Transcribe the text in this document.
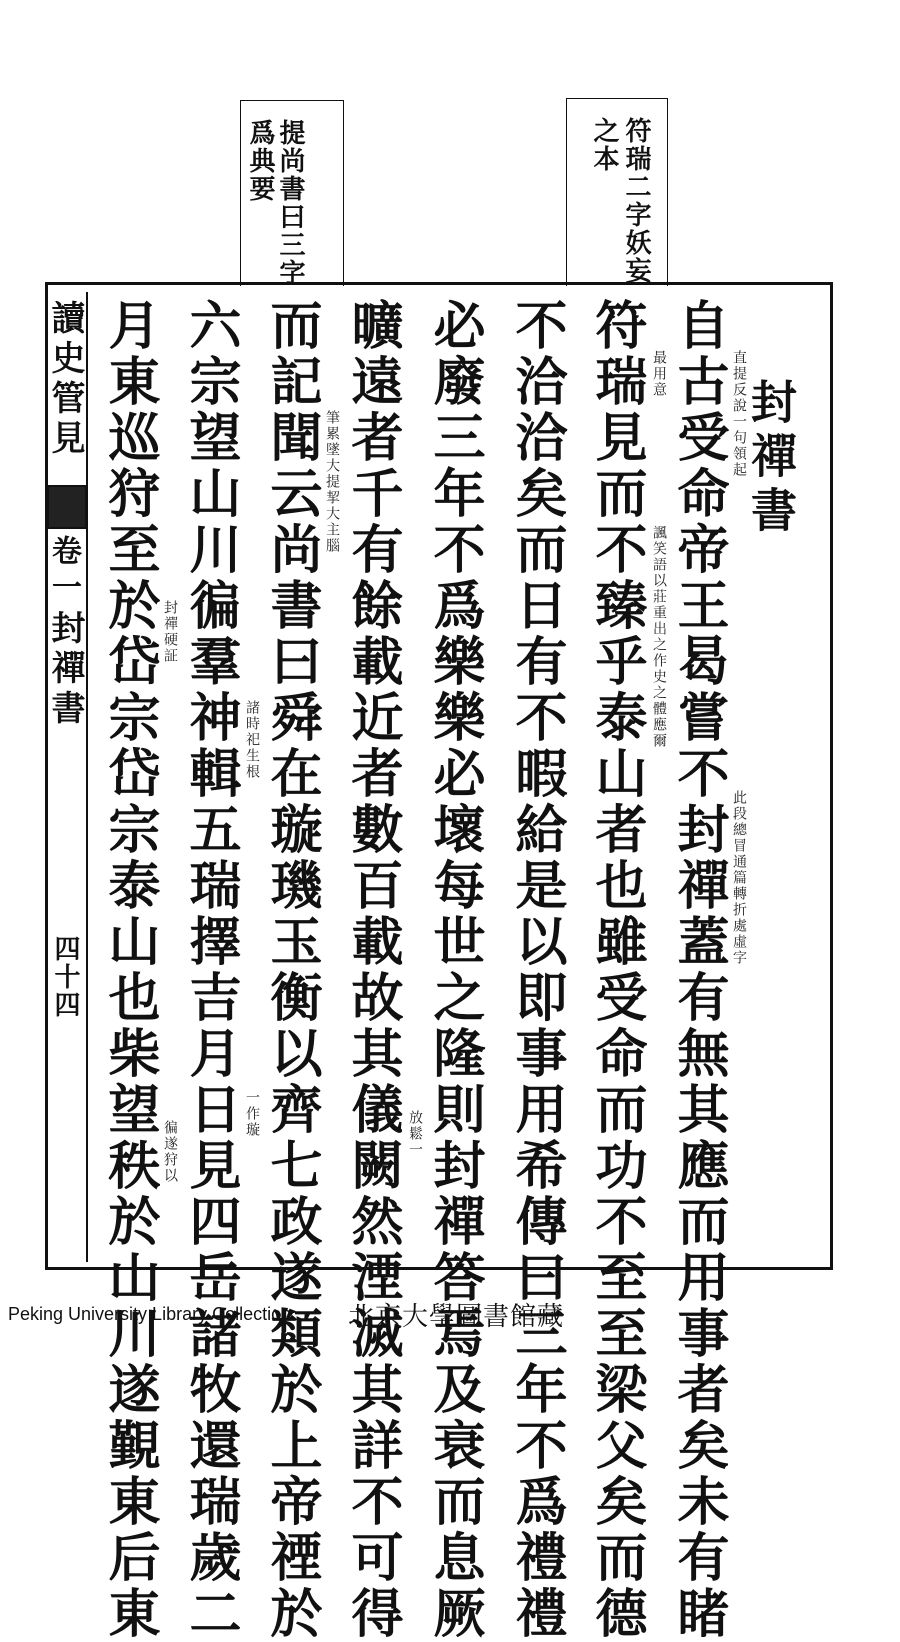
提尚書曰三字
爲典要	符瑞二字妖妄
之本
讀史管見
卷一
封禪書
四十四
封禪書
自古受命帝王曷嘗不封禪蓋有無其應而用事者矣未有睹
符瑞見而不臻乎泰山者也雖受命而功不至至梁父矣而德
不洽洽矣而日有不暇給是以即事用希傳曰三年不爲禮禮
必廢三年不爲樂樂必壞每世之隆則封禪答焉及衰而息厥
曠遠者千有餘載近者數百載故其儀闕然湮滅其詳不可得
而記聞云尚書曰舜在璇璣玉衡以齊七政遂類於上帝禋於
六宗望山川徧羣神輯五瑞擇吉月日見四岳諸牧還瑞歲二
月東巡狩至於岱宗岱宗泰山也柴望秩於山川遂覲東后東	直提反說一句領起
此段總冒通篇轉折處虛字
最用意
諷笑語以莊重出之作史之體應爾
筆累墜大提挈大主腦
放鬆一
諸時祀生根
一作璇
封禪硬証
徧遂狩以
Peking University Library Collection 北京大學圖書館藏
